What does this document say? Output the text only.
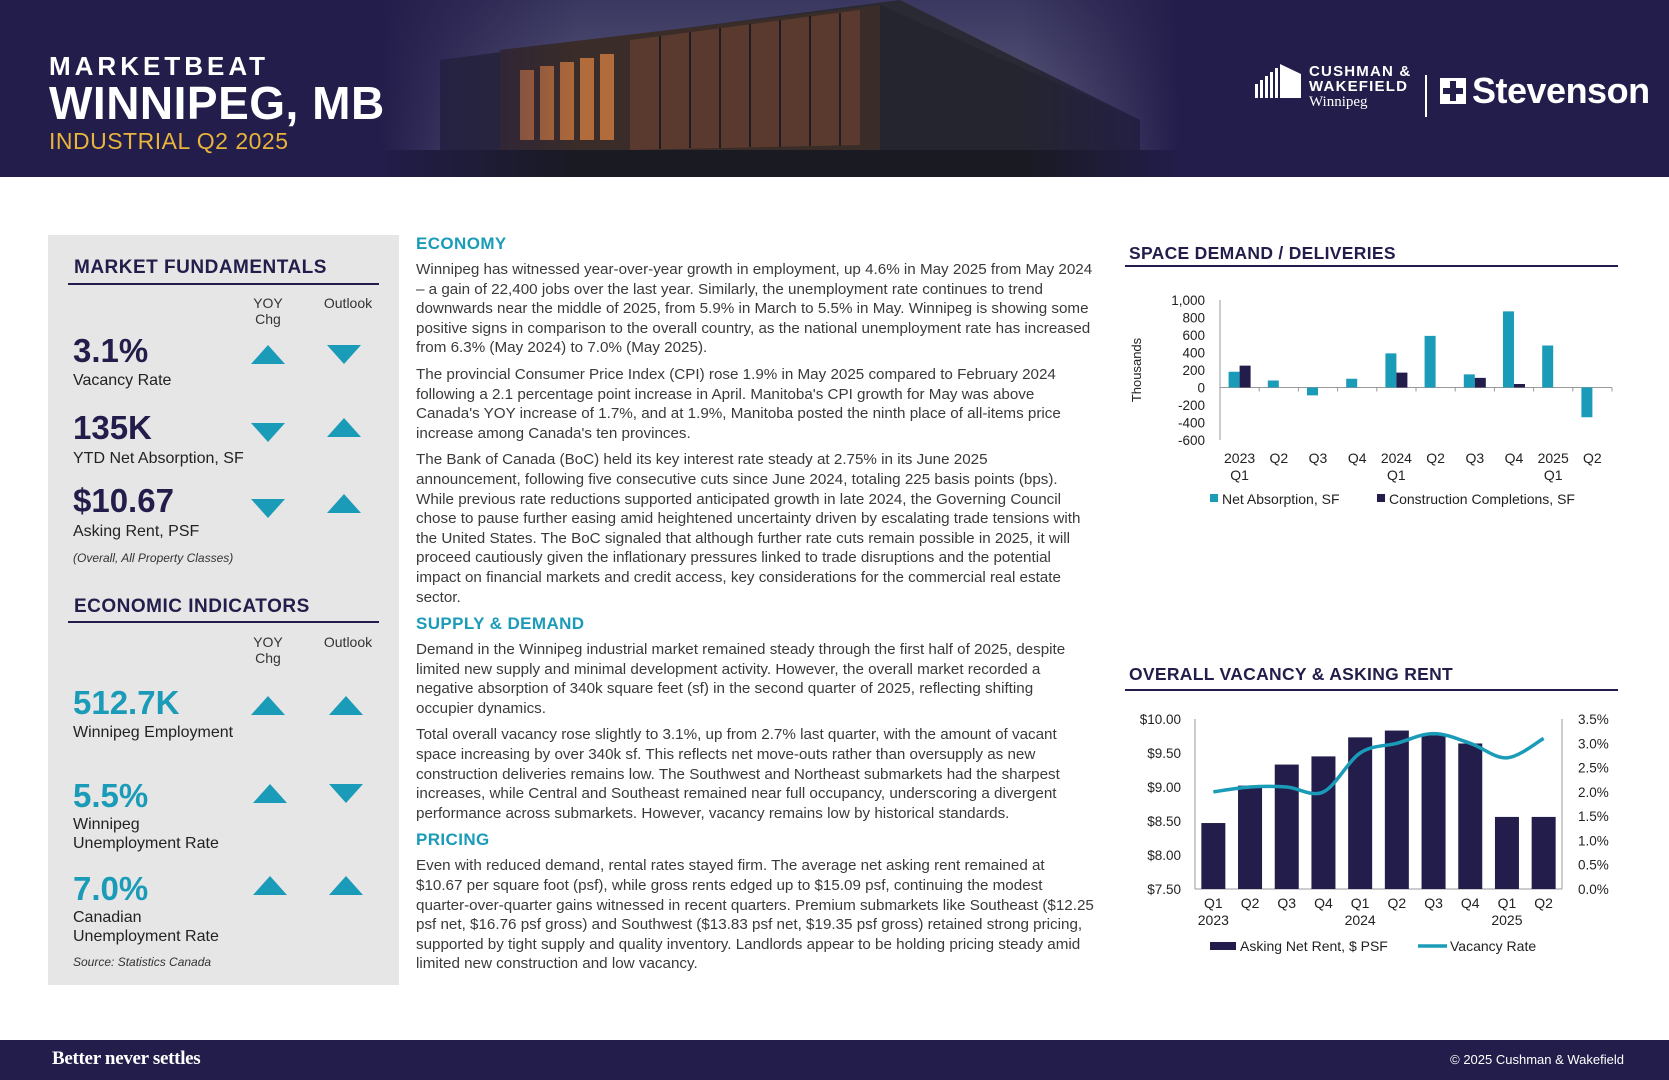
MARKETBEAT
WINNIPEG, MB
INDUSTRIAL Q2 2025
CUSHMAN &
WAKEFIELD
Winnipeg	Stevenson
MARKET FUNDAMENTALS
YOY
Chg
Outlook
3.1%
Vacancy Rate
135K
YTD Net Absorption, SF
$10.67
Asking Rent, PSF
(Overall, All Property Classes)
ECONOMIC INDICATORS
YOY
Chg
Outlook
512.7K
Winnipeg Employment
5.5%
Winnipeg
Unemployment Rate
7.0%
Canadian
Unemployment Rate
Source: Statistics Canada
ECONOMY

Winnipeg has witnessed year-over-year growth in employment, up 4.6% in May 2025 from May 2024 – a gain of 22,400 jobs over the last year. Similarly, the unemployment rate continues to trend downwards near the middle of 2025, from 5.9% in March to 5.5% in May. Winnipeg is showing some positive signs in comparison to the overall country, as the national unemployment rate has increased from 6.3% (May 2024) to 7.0% (May 2025).

The provincial Consumer Price Index (CPI) rose 1.9% in May 2025 compared to February 2024 following a 2.1 percentage point increase in April. Manitoba's CPI growth for May was above Canada's YOY increase of 1.7%, and at 1.9%, Manitoba posted the ninth place of all-items price increase among Canada's ten provinces.

The Bank of Canada (BoC) held its key interest rate steady at 2.75% in its June 2025 announcement, following five consecutive cuts since June 2024, totaling 225 basis points (bps). While previous rate reductions supported anticipated growth in late 2024, the Governing Council chose to pause further easing amid heightened uncertainty driven by escalating trade tensions with the United States. The BoC signaled that although further rate cuts remain possible in 2025, it will proceed cautiously given the inflationary pressures linked to trade disruptions and the potential impact on financial markets and credit access, key considerations for the commercial real estate sector.

SUPPLY & DEMAND

Demand in the Winnipeg industrial market remained steady through the first half of 2025, despite limited new supply and minimal development activity. However, the overall market recorded a negative absorption of 340k square feet (sf) in the second quarter of 2025, reflecting shifting occupier dynamics.

Total overall vacancy rose slightly to 3.1%, up from 2.7% last quarter, with the amount of vacant space increasing by over 340k sf. This reflects net move-outs rather than oversupply as new construction deliveries remains low. The Southwest and Northeast submarkets had the sharpest increases, while Central and Southeast remained near full occupancy, underscoring a divergent performance across submarkets. However, vacancy remains low by historical standards.

PRICING

Even with reduced demand, rental rates stayed firm. The average net asking rent remained at $10.67 per square foot (psf), while gross rents edged up to $15.09 psf, continuing the modest quarter-over-quarter gains witnessed in recent quarters. Premium submarkets like Southeast ($12.25 psf net, $16.76 psf gross) and Southwest ($13.83 psf net, $19.35 psf gross) retained strong pricing, supported by tight supply and quality inventory. Landlords appear to be holding pricing steady amid limited new construction and low vacancy.

SPACE DEMAND / DELIVERIES
Thousands
1,000
800
600
400
200
0
-200
-400
-600
2023
Q1
Q2 Q3 Q4 2024
Q1
Q2 Q3 Q4 2025
Q1
Q2
Net Absorption, SF	Construction Completions, SF
OVERALL VACANCY & ASKING RENT
$10.00
$9.50
$9.00
$8.50
$8.00
$7.50
3.5%
3.0%
2.5%
2.0%
1.5%
1.0%
0.5%
0.0%
Q1
2023
Q2 Q3 Q4 Q1
2024
Q2 Q3 Q4 Q1
2025
Q2
Asking Net Rent, $ PSF	Vacancy Rate
Better never settles	© 2025 Cushman & Wakefield
